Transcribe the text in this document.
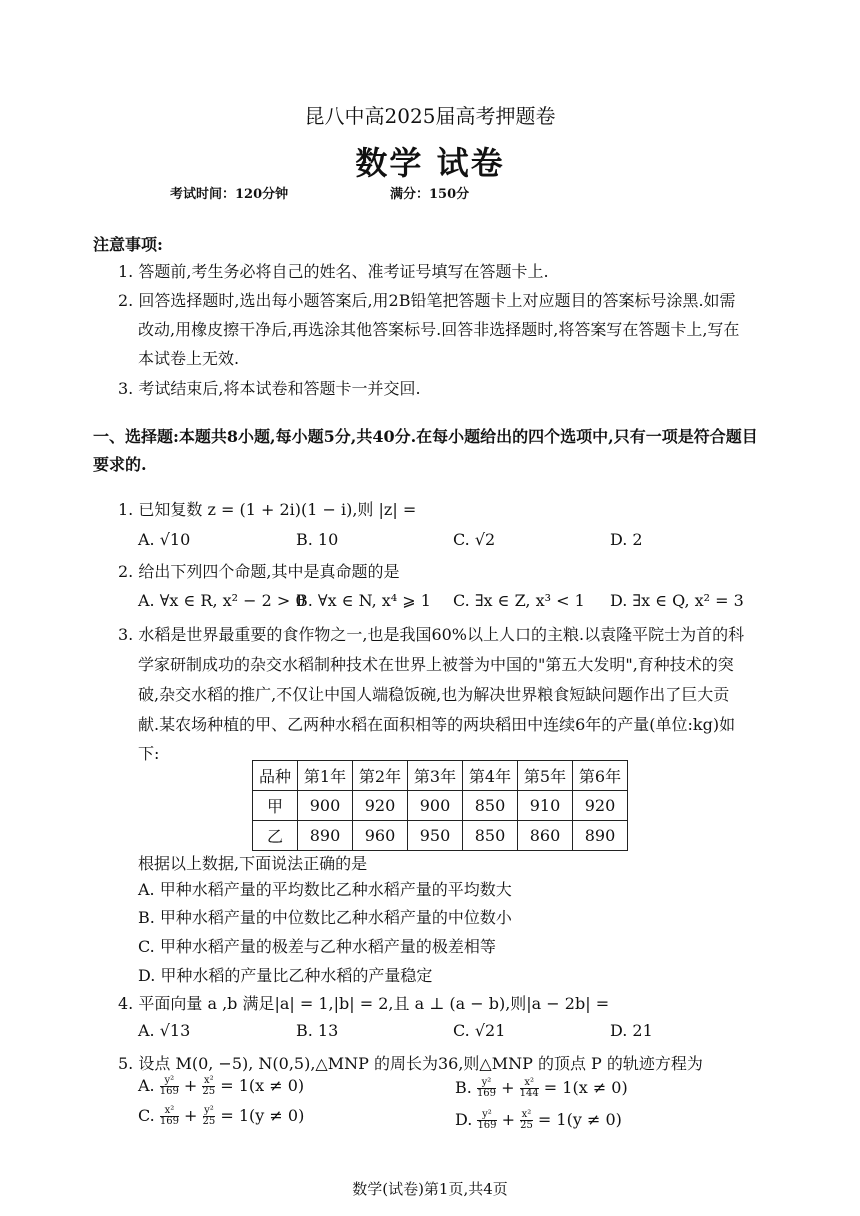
昆八中高2025届高考押题卷
数学 试卷
考试时间：120分钟	满分：150分
注意事项:
1. 答题前,考生务必将自己的姓名、准考证号填写在答题卡上.
2. 回答选择题时,选出每小题答案后,用2B铅笔把答题卡上对应题目的答案标号涂黑.如需
改动,用橡皮擦干净后,再选涂其他答案标号.回答非选择题时,将答案写在答题卡上,写在
本试卷上无效.
3. 考试结束后,将本试卷和答题卡一并交回.
一、选择题:本题共8小题,每小题5分,共40分.在每小题给出的四个选项中,只有一项是符合题目
要求的.
1. 已知复数 z = (1 + 2i)(1 − i),则 |z| =
A. √10	B. 10	C. √2	D. 2
2. 给出下列四个命题,其中是真命题的是
A. ∀x ∈ R, x² − 2 > 0
B. ∀x ∈ N, x⁴ ⩾ 1 C. ∃x ∈ Z, x³ < 1 D. ∃x ∈ Q, x² = 3
3. 水稻是世界最重要的食作物之一,也是我国60%以上人口的主粮.以袁隆平院士为首的科
学家研制成功的杂交水稻制种技术在世界上被誉为中国的"第五大发明",育种技术的突
破,杂交水稻的推广,不仅让中国人端稳饭碗,也为解决世界粮食短缺问题作出了巨大贡
献.某农场种植的甲、乙两种水稻在面积相等的两块稻田中连续6年的产量(单位:kg)如
下:
品种	第1年	第2年	第3年	第4年	第5年	第6年
甲	900	920	900	850	910	920
乙	890	960	950	850	860	890
根据以上数据,下面说法正确的是
A. 甲种水稻产量的平均数比乙种水稻产量的平均数大
B. 甲种水稻产量的中位数比乙种水稻产量的中位数小
C. 甲种水稻产量的极差与乙种水稻产量的极差相等
D. 甲种水稻的产量比乙种水稻的产量稳定
4. 平面向量 a ,b 满足|a| = 1,|b| = 2,且 a ⊥ (a − b),则|a − 2b| =
A. √13	B. 13	C. √21	D. 21
5. 设点 M(0, −5), N(0,5),△MNP 的周长为36,则△MNP 的顶点 P 的轨迹方程为
A. $\frac{\text{y²}}{169} + \frac{\text{x²}}{25} = 1(x \ne 0)$	B. $\frac{\text{y²}}{169} + \frac{\text{x²}}{144} = 1(x \ne 0)$
C. $\frac{\text{x²}}{169} + \frac{\text{y²}}{25} = 1(y \ne 0)$	D. $\frac{\text{y²}}{169} + \frac{\text{x²}}{25} = 1(y \ne 0)$
数学(试卷)第1页,共4页
